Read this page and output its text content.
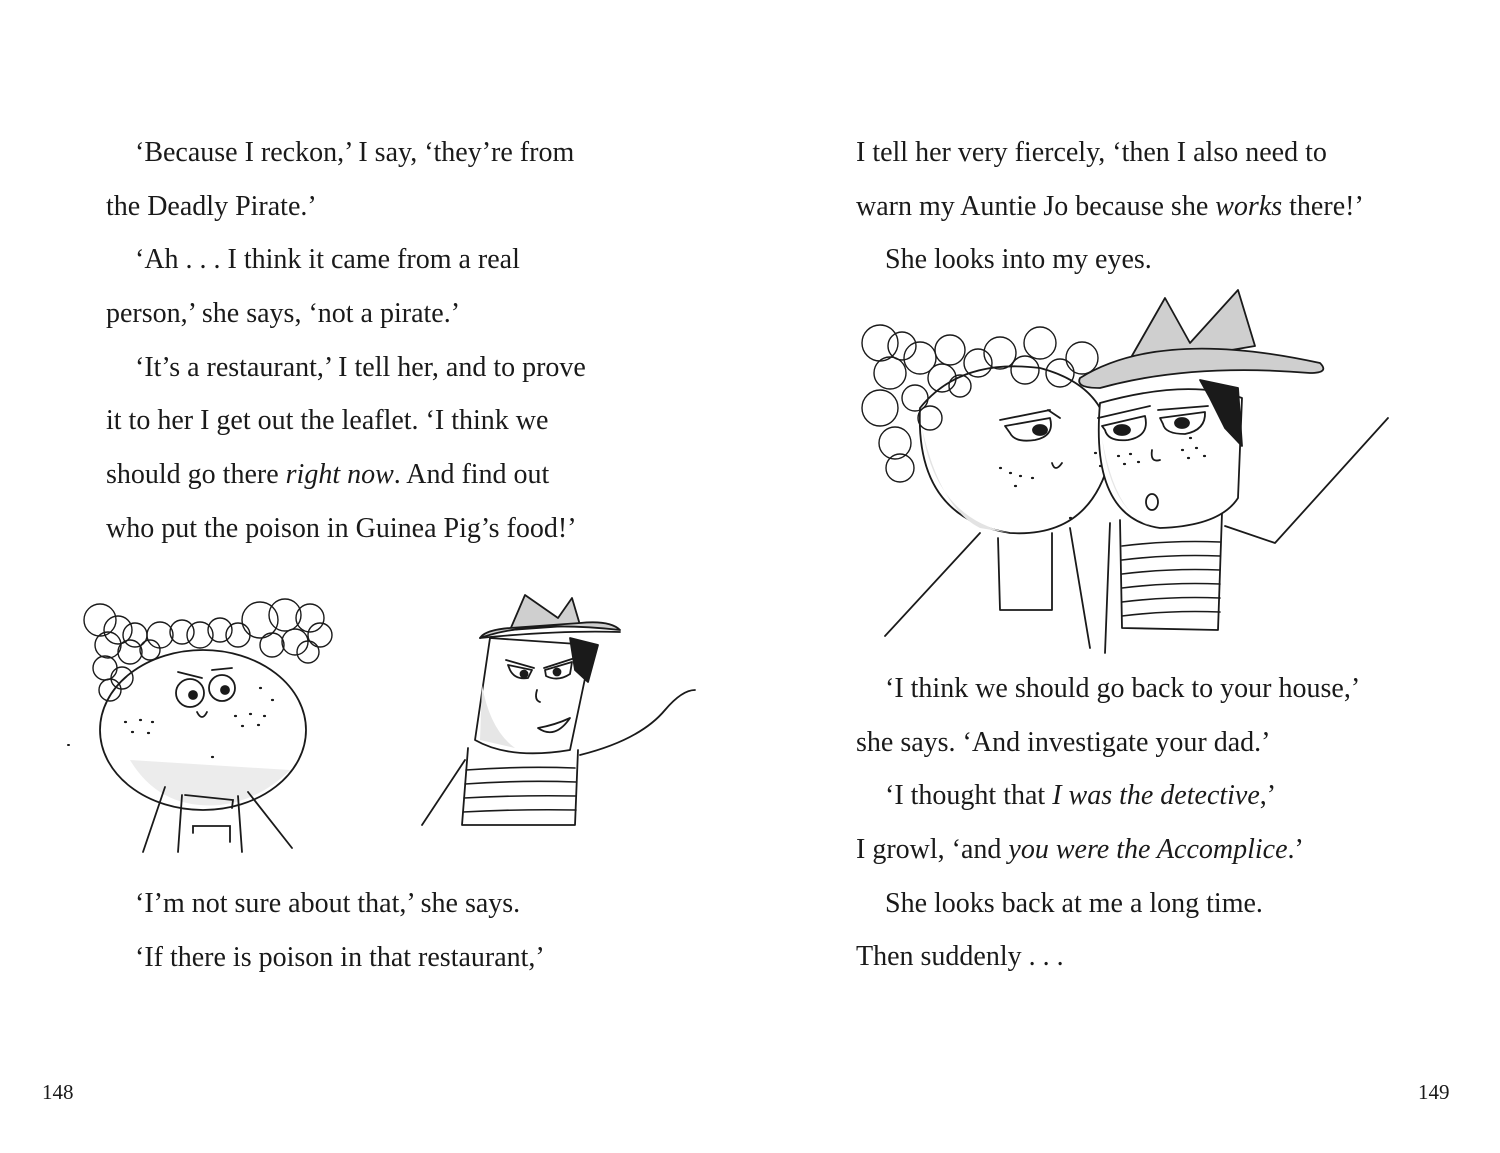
‘Because I reckon,’ I say, ‘they’re from
the Deadly Pirate.’
‘Ah . . . I think it came from a real
person,’ she says, ‘not a pirate.’
‘It’s a restaurant,’ I tell her, and to prove
it to her I get out the leaflet. ‘I think we
should go there right now. And find out
who put the poison in Guinea Pig’s food!’
‘I’m not sure about that,’ she says.
‘If there is poison in that restaurant,’
148
I tell her very fiercely, ‘then I also need to
warn my Auntie Jo because she works there!’
She looks into my eyes.
‘I think we should go back to your house,’
she says. ‘And investigate your dad.’
‘I thought that I was the detective,’
I growl, ‘and you were the Accomplice.’
She looks back at me a long time.
Then suddenly . . .
149
